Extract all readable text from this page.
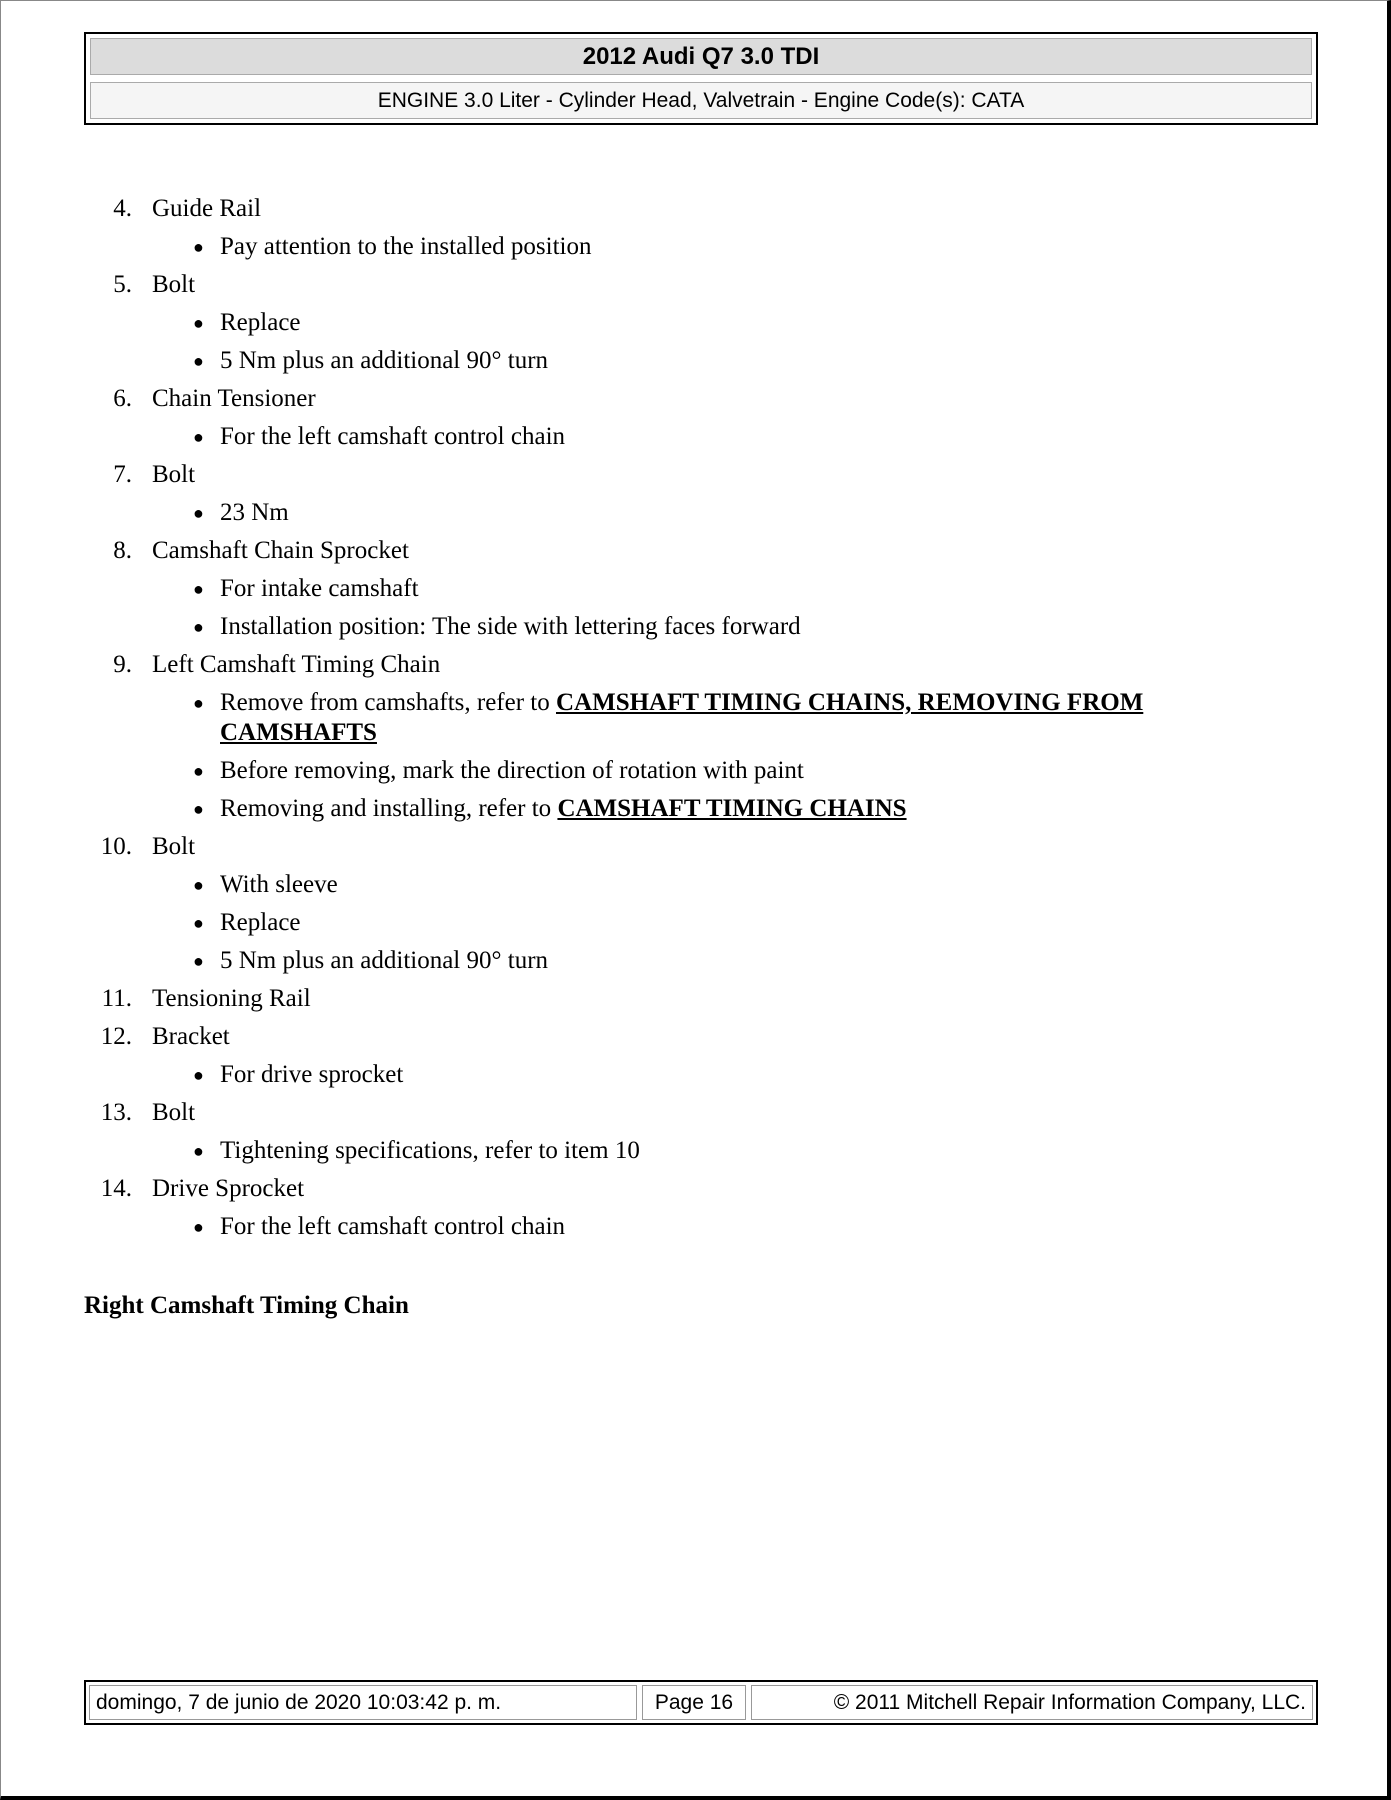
2012 Audi Q7 3.0 TDI
ENGINE 3.0 Liter - Cylinder Head, Valvetrain - Engine Code(s): CATA
4. Guide Rail
● Pay attention to the installed position
5. Bolt
● Replace
● 5 Nm plus an additional 90° turn
6. Chain Tensioner
● For the left camshaft control chain
7. Bolt
● 23 Nm
8. Camshaft Chain Sprocket
● For intake camshaft
● Installation position: The side with lettering faces forward
9. Left Camshaft Timing Chain
● Remove from camshafts, refer to CAMSHAFT TIMING CHAINS, REMOVING FROM CAMSHAFTS
● Before removing, mark the direction of rotation with paint
● Removing and installing, refer to CAMSHAFT TIMING CHAINS
10. Bolt
● With sleeve
● Replace
● 5 Nm plus an additional 90° turn
11. Tensioning Rail
12. Bracket
● For drive sprocket
13. Bolt
● Tightening specifications, refer to item 10
14. Drive Sprocket
● For the left camshaft control chain
Right Camshaft Timing Chain
domingo, 7 de junio de 2020 10:03:42 p. m.	Page 16	© 2011 Mitchell Repair Information Company, LLC.
